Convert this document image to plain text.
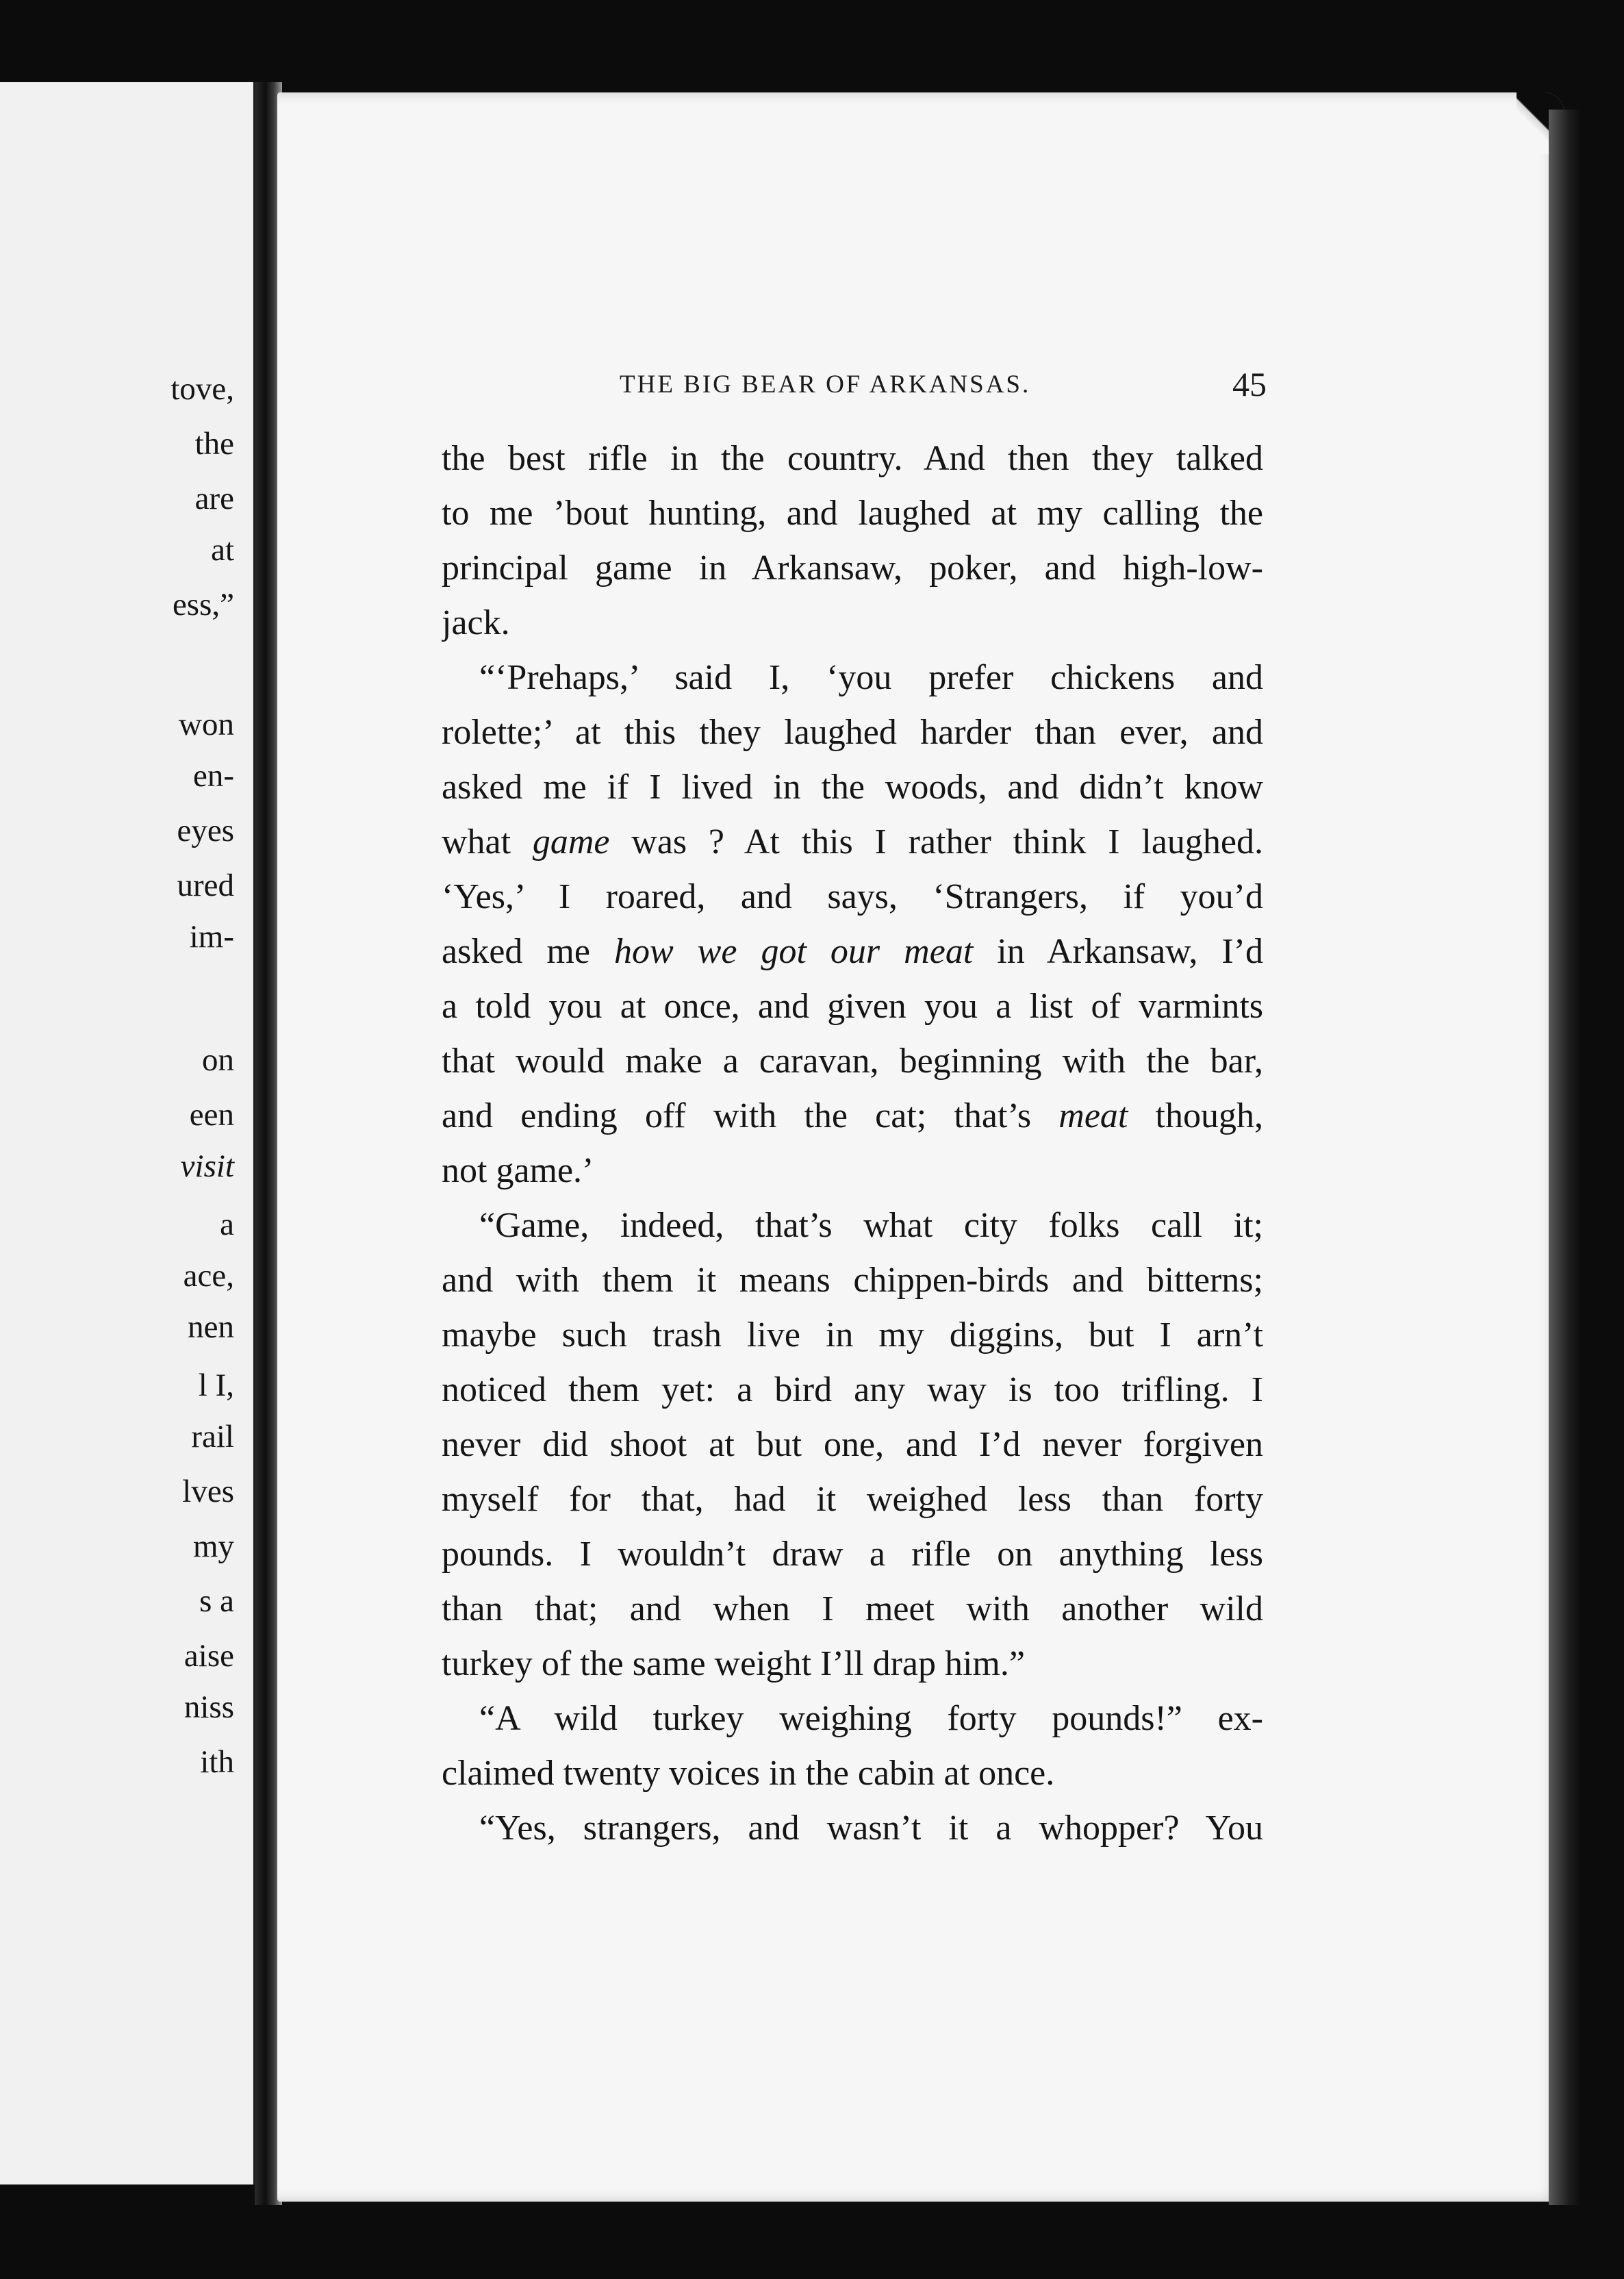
tove,
the
are
at
ess,”
won
en-
eyes
ured
im-
on
een
visit
a
ace,
nen
l I,
rail
lves
my
s a
aise
niss
ith
THE BIG BEAR OF ARKANSAS.	45
the best rifle in the country. And then they talked
to me ’bout hunting, and laughed at my calling the
principal game in Arkansaw, poker, and high-low-
jack.
“‘Prehaps,’ said I, ‘you prefer chickens and
rolette;’ at this they laughed harder than ever, and
asked me if I lived in the woods, and didn’t know
what game was ? At this I rather think I laughed.
‘Yes,’ I roared, and says, ‘Strangers, if you’d
asked me how we got our meat in Arkansaw, I’d
a told you at once, and given you a list of varmints
that would make a caravan, beginning with the bar,
and ending off with the cat; that’s meat though,
not game.’
“Game, indeed, that’s what city folks call it;
and with them it means chippen-birds and bitterns;
maybe such trash live in my diggins, but I arn’t
noticed them yet: a bird any way is too trifling. I
never did shoot at but one, and I’d never forgiven
myself for that, had it weighed less than forty
pounds. I wouldn’t draw a rifle on anything less
than that; and when I meet with another wild
turkey of the same weight I’ll drap him.”
“A wild turkey weighing forty pounds!” ex-
claimed twenty voices in the cabin at once.
“Yes, strangers, and wasn’t it a whopper? You
